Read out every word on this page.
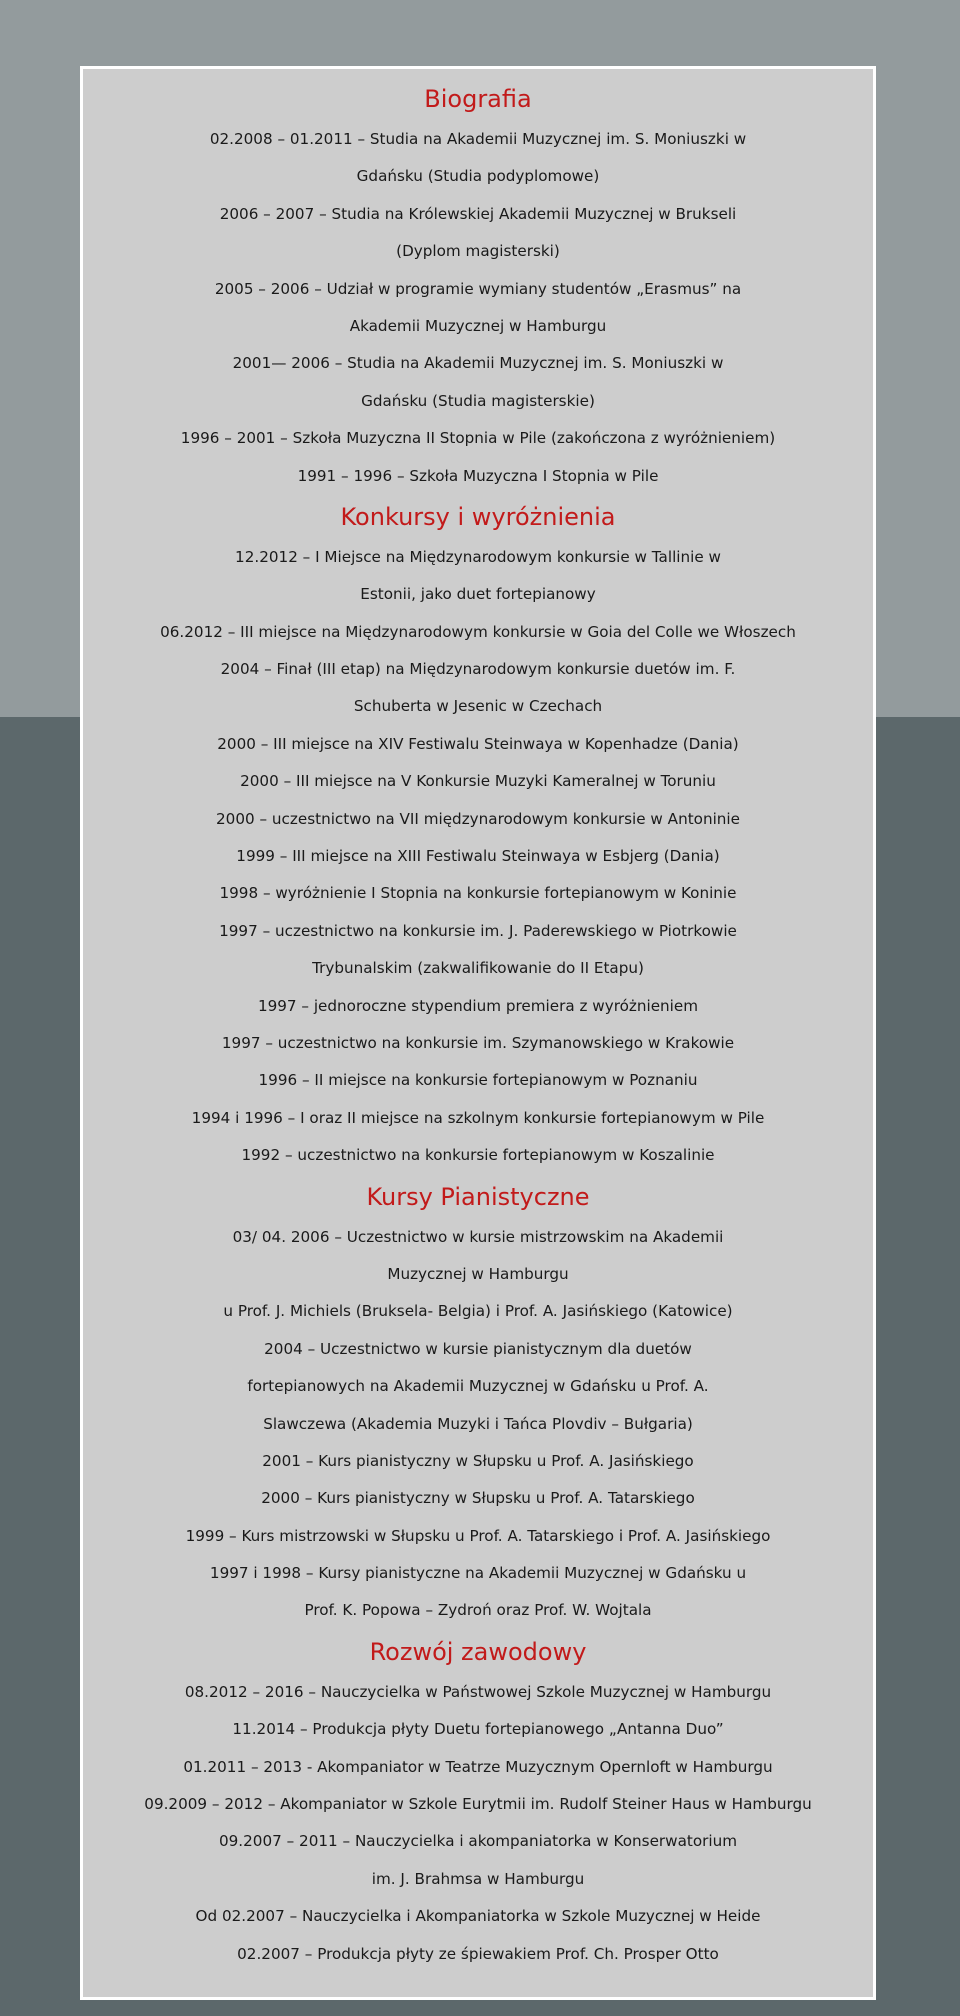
Biografia

02.2008 – 01.2011 – Studia na Akademii Muzycznej im. S. Moniuszki w

Gdańsku (Studia podyplomowe)

2006 – 2007 – Studia na Królewskiej Akademii Muzycznej w Brukseli

(Dyplom magisterski)

2005 – 2006 – Udział w programie wymiany studentów „Erasmus” na

Akademii Muzycznej w Hamburgu

2001— 2006 – Studia na Akademii Muzycznej im. S. Moniuszki w

Gdańsku (Studia magisterskie)

1996 – 2001 – Szkoła Muzyczna II Stopnia w Pile (zakończona z wyróżnieniem)

1991 – 1996 – Szkoła Muzyczna I Stopnia w Pile

Konkursy i wyróżnienia

12.2012 – I Miejsce na Międzynarodowym konkursie w Tallinie w

Estonii, jako duet fortepianowy

06.2012 – III miejsce na Międzynarodowym konkursie w Goia del Colle we Włoszech

2004 – Finał (III etap) na Międzynarodowym konkursie duetów im. F.

Schuberta w Jesenic w Czechach

2000 – III miejsce na XIV Festiwalu Steinwaya w Kopenhadze (Dania)

2000 – III miejsce na V Konkursie Muzyki Kameralnej w Toruniu

2000 – uczestnictwo na VII międzynarodowym konkursie w Antoninie

1999 – III miejsce na XIII Festiwalu Steinwaya w Esbjerg (Dania)

1998 – wyróżnienie I Stopnia na konkursie fortepianowym w Koninie

1997 – uczestnictwo na konkursie im. J. Paderewskiego w Piotrkowie

Trybunalskim (zakwalifikowanie do II Etapu)

1997 – jednoroczne stypendium premiera z wyróżnieniem

1997 – uczestnictwo na konkursie im. Szymanowskiego w Krakowie

1996 – II miejsce na konkursie fortepianowym w Poznaniu

1994 i 1996 – I oraz II miejsce na szkolnym konkursie fortepianowym w Pile

1992 – uczestnictwo na konkursie fortepianowym w Koszalinie

Kursy Pianistyczne

03/ 04. 2006 – Uczestnictwo w kursie mistrzowskim na Akademii

Muzycznej w Hamburgu

u Prof. J. Michiels (Bruksela- Belgia) i Prof. A. Jasińskiego (Katowice)

2004 – Uczestnictwo w kursie pianistycznym dla duetów

fortepianowych na Akademii Muzycznej w Gdańsku u Prof. A.

Slawczewa (Akademia Muzyki i Tańca Plovdiv – Bułgaria)

2001 – Kurs pianistyczny w Słupsku u Prof. A. Jasińskiego

2000 – Kurs pianistyczny w Słupsku u Prof. A. Tatarskiego

1999 – Kurs mistrzowski w Słupsku u Prof. A. Tatarskiego i Prof. A. Jasińskiego

1997 i 1998 – Kursy pianistyczne na Akademii Muzycznej w Gdańsku u

Prof. K. Popowa – Zydroń oraz Prof. W. Wojtala

Rozwój zawodowy

08.2012 – 2016 – Nauczycielka w Państwowej Szkole Muzycznej w Hamburgu

11.2014 – Produkcja płyty Duetu fortepianowego „Antanna Duo”

01.2011 – 2013 - Akompaniator w Teatrze Muzycznym Opernloft w Hamburgu

09.2009 – 2012 – Akompaniator w Szkole Eurytmii im. Rudolf Steiner Haus w Hamburgu

09.2007 – 2011 – Nauczycielka i akompaniatorka w Konserwatorium

im. J. Brahmsa w Hamburgu

Od 02.2007 – Nauczycielka i Akompaniatorka w Szkole Muzycznej w Heide

02.2007 – Produkcja płyty ze śpiewakiem Prof. Ch. Prosper Otto
